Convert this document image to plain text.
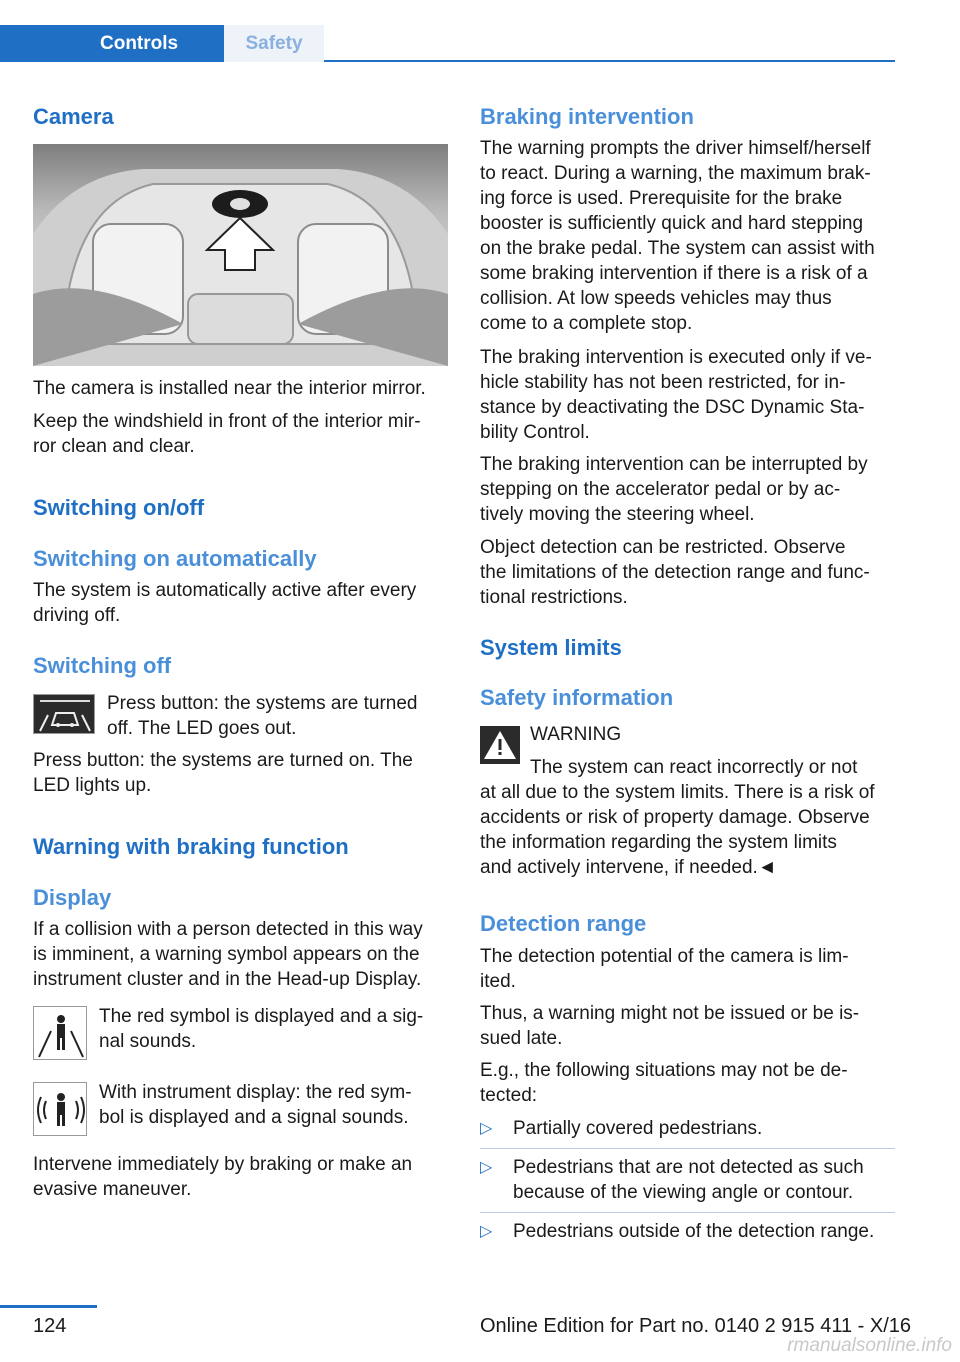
Controls	Safety
Camera
The camera is installed near the interior mirror.
Keep the windshield in front of the interior mir-
ror clean and clear.
Switching on/off
Switching on automatically
The system is automatically active after every
driving off.
Switching off
Press button: the systems are turned
off. The LED goes out.
Press button: the systems are turned on. The
LED lights up.
Warning with braking function
Display
If a collision with a person detected in this way
is imminent, a warning symbol appears on the
instrument cluster and in the Head-up Display.
The red symbol is displayed and a sig-
nal sounds.
With instrument display: the red sym-
bol is displayed and a signal sounds.
Intervene immediately by braking or make an
evasive maneuver.
Braking intervention
The warning prompts the driver himself/herself
to react. During a warning, the maximum brak-
ing force is used. Prerequisite for the brake
booster is sufficiently quick and hard stepping
on the brake pedal. The system can assist with
some braking intervention if there is a risk of a
collision. At low speeds vehicles may thus
come to a complete stop.
The braking intervention is executed only if ve-
hicle stability has not been restricted, for in-
stance by deactivating the DSC Dynamic Sta-
bility Control.
The braking intervention can be interrupted by
stepping on the accelerator pedal or by ac-
tively moving the steering wheel.
Object detection can be restricted. Observe
the limitations of the detection range and func-
tional restrictions.
System limits
Safety information
WARNING
The system can react incorrectly or not
at all due to the system limits. There is a risk of
accidents or risk of property damage. Observe
the information regarding the system limits
and actively intervene, if needed.◄
Detection range
The detection potential of the camera is lim-
ited.
Thus, a warning might not be issued or be is-
sued late.
E.g., the following situations may not be de-
tected:
▷ Partially covered pedestrians.
▷ Pedestrians that are not detected as such
because of the viewing angle or contour.
▷ Pedestrians outside of the detection range.
124	Online Edition for Part no. 0140 2 915 411 - X/16
rmanualsonline.info
